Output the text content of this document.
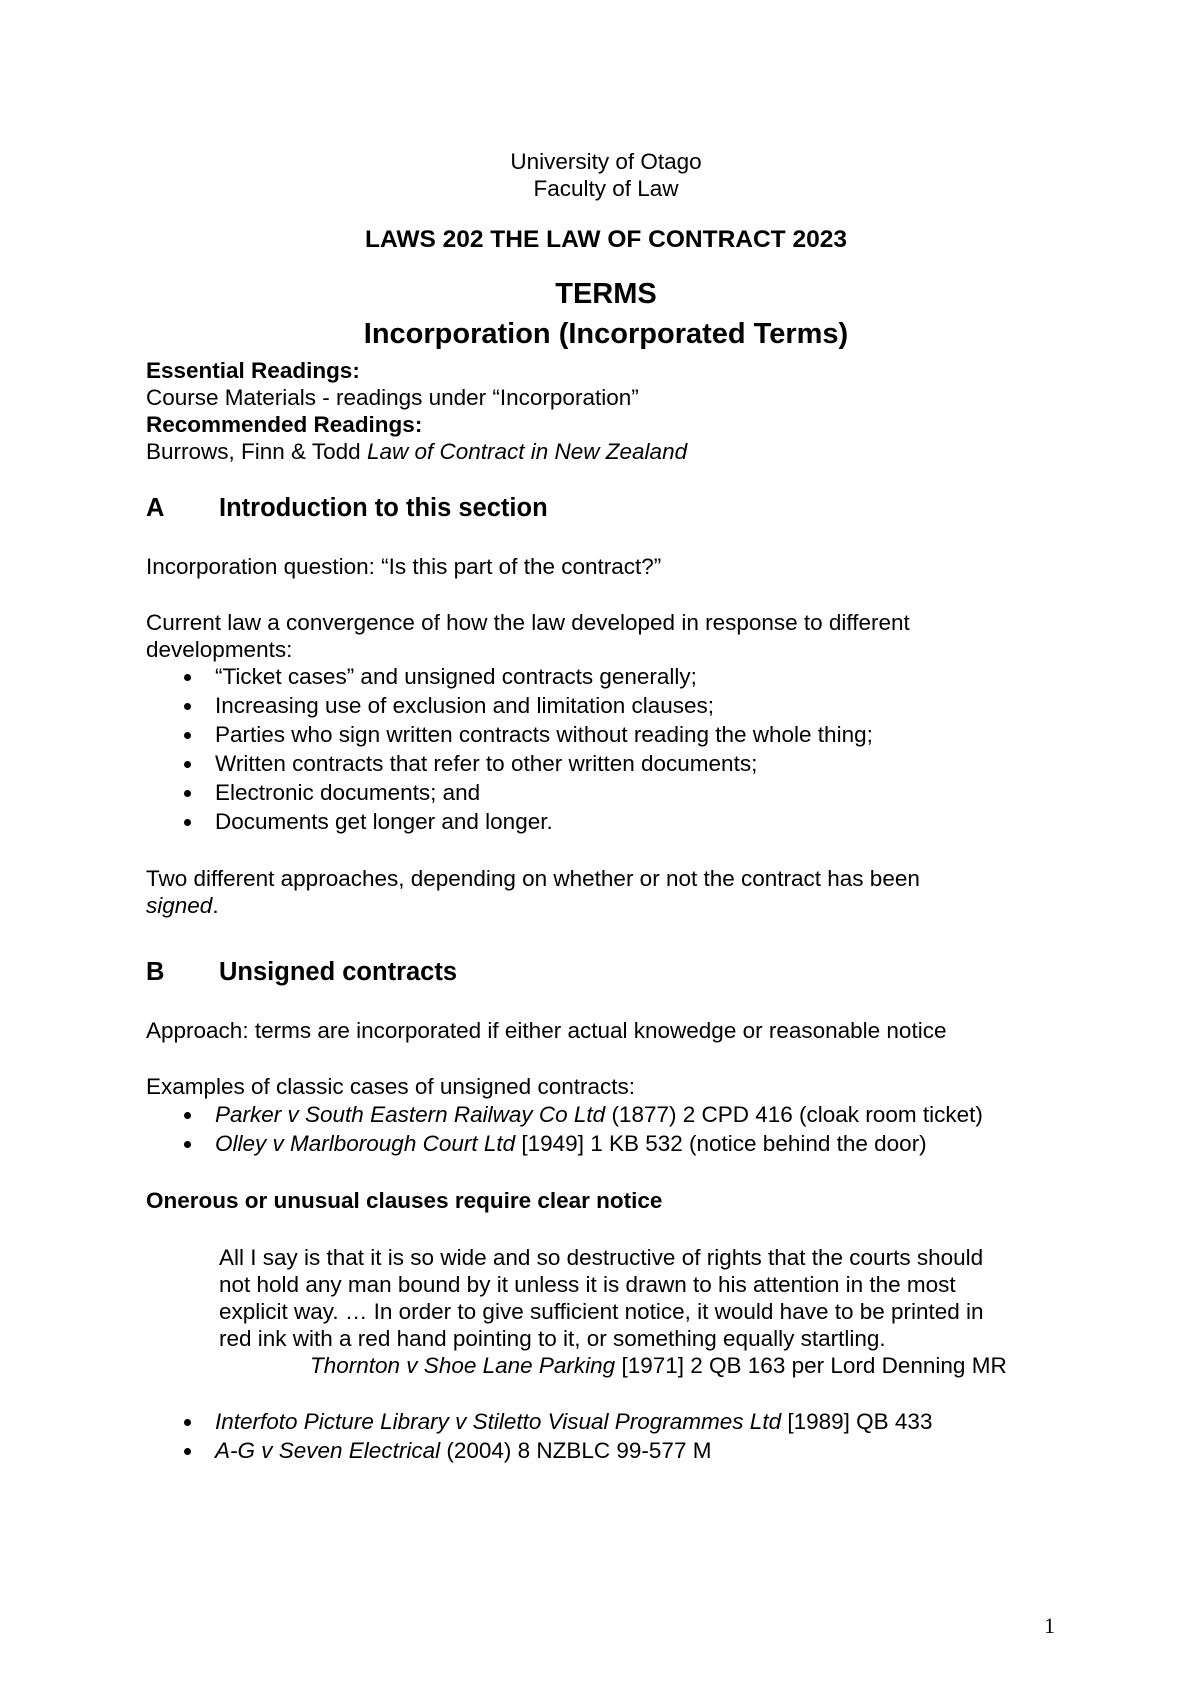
University of Otago
Faculty of Law
LAWS 202 THE LAW OF CONTRACT 2023
TERMS
Incorporation (Incorporated Terms)
Essential Readings:
Course Materials - readings under “Incorporation”
Recommended Readings:
Burrows, Finn & Todd Law of Contract in New Zealand
A Introduction to this section
Incorporation question: “Is this part of the contract?”
Current law a convergence of how the law developed in response to different
developments:
“Ticket cases” and unsigned contracts generally;
Increasing use of exclusion and limitation clauses;
Parties who sign written contracts without reading the whole thing;
Written contracts that refer to other written documents;
Electronic documents; and
Documents get longer and longer.
Two different approaches, depending on whether or not the contract has been
signed.
B Unsigned contracts
Approach: terms are incorporated if either actual knowedge or reasonable notice
Examples of classic cases of unsigned contracts:
Parker v South Eastern Railway Co Ltd (1877) 2 CPD 416 (cloak room ticket)
Olley v Marlborough Court Ltd [1949] 1 KB 532 (notice behind the door)
Onerous or unusual clauses require clear notice
All I say is that it is so wide and so destructive of rights that the courts should
not hold any man bound by it unless it is drawn to his attention in the most
explicit way. … In order to give sufficient notice, it would have to be printed in
red ink with a red hand pointing to it, or something equally startling.
Thornton v Shoe Lane Parking [1971] 2 QB 163 per Lord Denning MR
Interfoto Picture Library v Stiletto Visual Programmes Ltd [1989] QB 433
A-G v Seven Electrical (2004) 8 NZBLC 99-577 M
1
